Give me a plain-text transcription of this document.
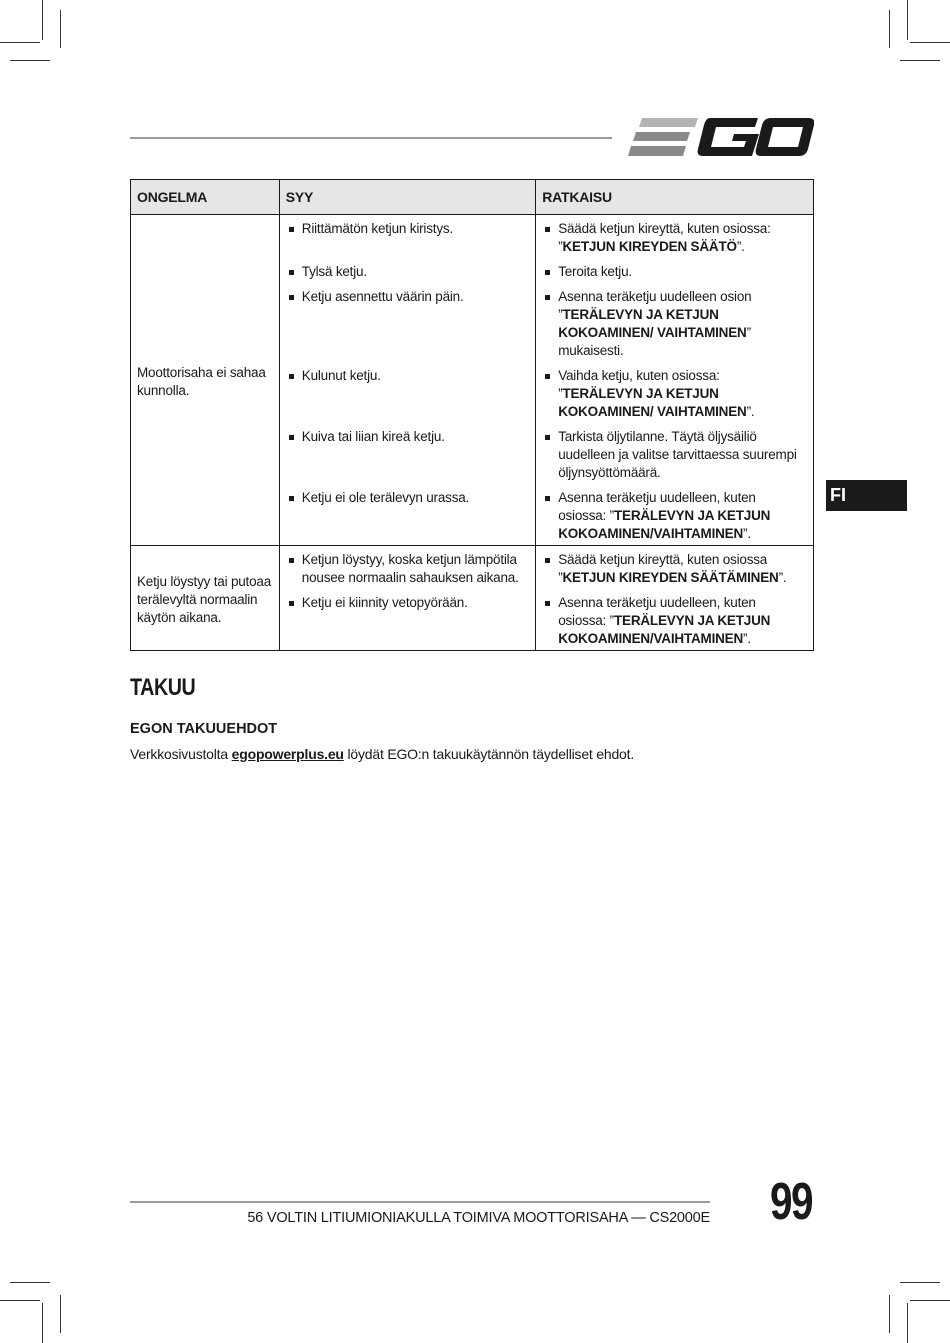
ONGELMA	SYY	RATKAISU
Moottorisaha ei sahaa kunnolla.	Riittämätön ketjun kiristys.	Säädä ketjun kireyttä, kuten osiossa: ”KETJUN KIREYDEN SÄÄTÖ”.

	Tylsä ketju.	Teroita ketju.

	Ketju asennettu väärin päin.	Asenna teräketju uudelleen osion ”TERÄLEVYN JA KETJUN KOKOAMINEN/ VAIHTAMINEN” mukaisesti.

	Kulunut ketju.	Vaihda ketju, kuten osiossa: ”TERÄLEVYN JA KETJUN KOKOAMINEN/ VAIHTAMINEN”.

	Kuiva tai liian kireä ketju.	Tarkista öljytilanne. Täytä öljysäiliö uudelleen ja valitse tarvittaessa suurempi öljynsyöttömäärä.

	Ketju ei ole terälevyn urassa.	Asenna teräketju uudelleen, kuten osiossa: ”TERÄLEVYN JA KETJUN KOKOAMINEN/VAIHTAMINEN”.

Ketju löystyy tai putoaa terälevyltä normaalin käytön aikana.	Ketjun löystyy, koska ketjun lämpötila nousee normaalin sahauksen aikana.	Säädä ketjun kireyttä, kuten osiossa ”KETJUN KIREYDEN SÄÄTÄMINEN”.

	Ketju ei kiinnity vetopyörään.	Asenna teräketju uudelleen, kuten osiossa: ”TERÄLEVYN JA KETJUN KOKOAMINEN/VAIHTAMINEN”.
FI
TAKUU
EGON TAKUUEHDOT
Verkkosivustolta egopowerplus.eu löydät EGO:n takuukäytännön täydelliset ehdot.
56 VOLTIN LITIUMIONIAKULLA TOIMIVA MOOTTORISAHA — CS2000E 99
